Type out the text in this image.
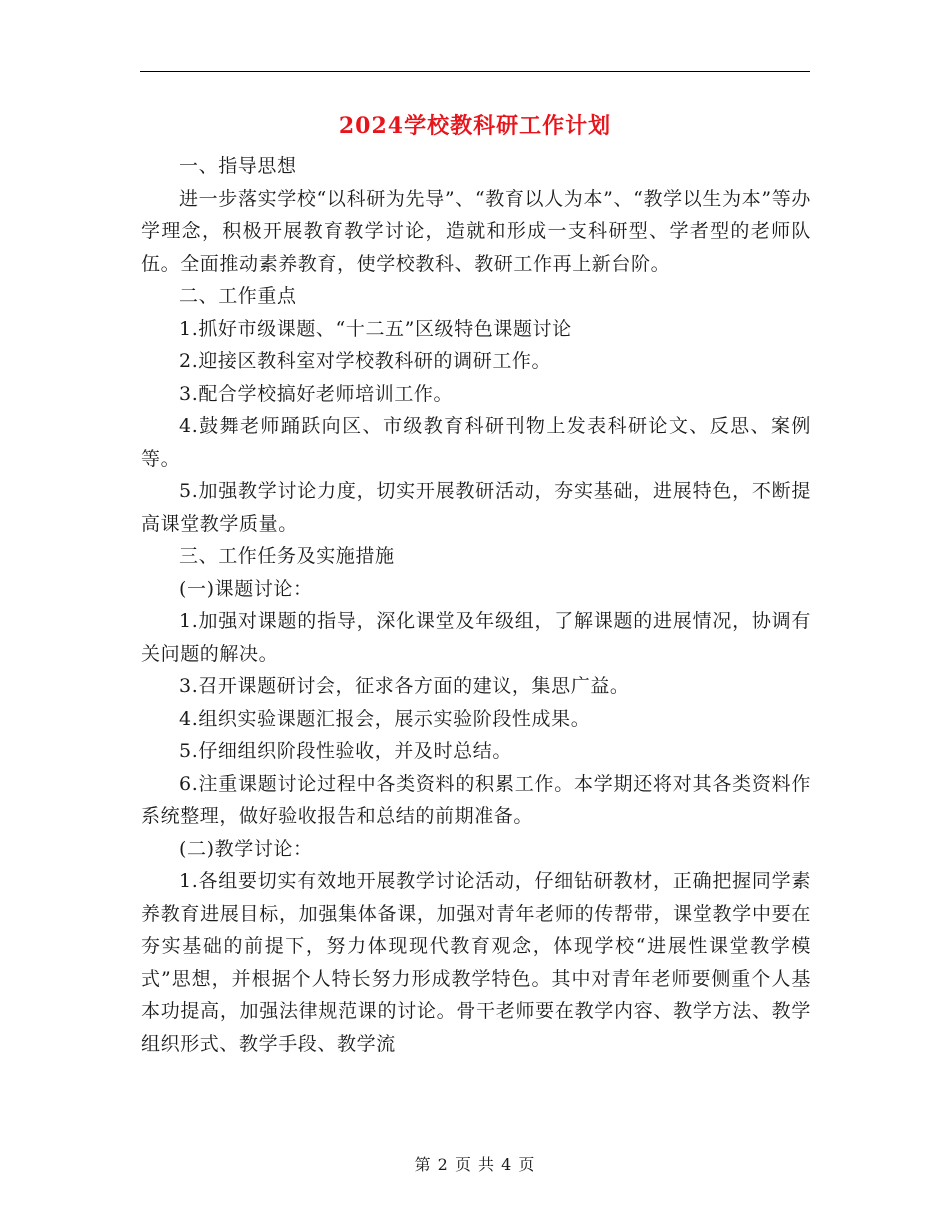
2024学校教科研工作计划

一、指导思想

进一步落实学校“以科研为先导”、“教育以人为本”、“教学以生为本”等办学理念，积极开展教育教学讨论，造就和形成一支科研型、学者型的老师队伍。全面推动素养教育，使学校教科、教研工作再上新台阶。

二、工作重点

1.抓好市级课题、“十二五”区级特色课题讨论

2.迎接区教科室对学校教科研的调研工作。

3.配合学校搞好老师培训工作。

4.鼓舞老师踊跃向区、市级教育科研刊物上发表科研论文、反思、案例等。

5.加强教学讨论力度，切实开展教研活动，夯实基础，进展特色，不断提高课堂教学质量。

三、工作任务及实施措施

(一)课题讨论：

1.加强对课题的指导，深化课堂及年级组，了解课题的进展情况，协调有关问题的解决。

3.召开课题研讨会，征求各方面的建议，集思广益。

4.组织实验课题汇报会，展示实验阶段性成果。

5.仔细组织阶段性验收，并及时总结。

6.注重课题讨论过程中各类资料的积累工作。本学期还将对其各类资料作系统整理，做好验收报告和总结的前期准备。

(二)教学讨论：

1.各组要切实有效地开展教学讨论活动，仔细钻研教材，正确把握同学素养教育进展目标，加强集体备课，加强对青年老师的传帮带，课堂教学中要在夯实基础的前提下，努力体现现代教育观念，体现学校“进展性课堂教学模式”思想，并根据个人特长努力形成教学特色。其中对青年老师要侧重个人基本功提高，加强法律规范课的讨论。骨干老师要在教学内容、教学方法、教学组织形式、教学手段、教学流

第 2 页 共 4 页
